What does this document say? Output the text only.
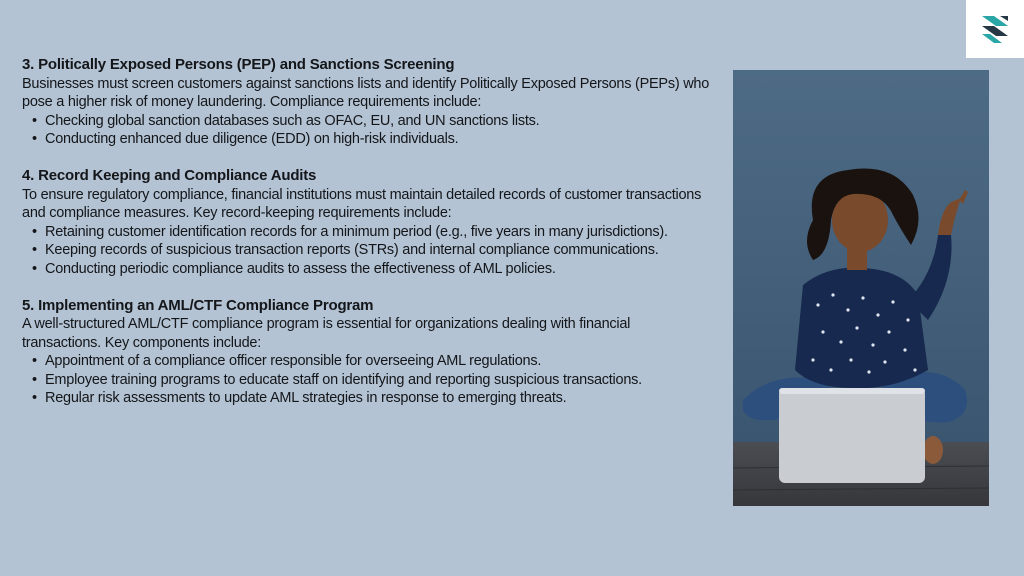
3. Politically Exposed Persons (PEP) and Sanctions Screening

Businesses must screen customers against sanctions lists and identify Politically Exposed Persons (PEPs) who pose a higher risk of money laundering. Compliance requirements include:

• Checking global sanction databases such as OFAC, EU, and UN sanctions lists.
• Conducting enhanced due diligence (EDD) on high-risk individuals.
4. Record Keeping and Compliance Audits

To ensure regulatory compliance, financial institutions must maintain detailed records of customer transactions and compliance measures. Key record-keeping requirements include:

• Retaining customer identification records for a minimum period (e.g., five years in many jurisdictions).
• Keeping records of suspicious transaction reports (STRs) and internal compliance communications.
• Conducting periodic compliance audits to assess the effectiveness of AML policies.
5. Implementing an AML/CTF Compliance Program

A well-structured AML/CTF compliance program is essential for organizations dealing with financial transactions. Key components include:

• Appointment of a compliance officer responsible for overseeing AML regulations.
• Employee training programs to educate staff on identifying and reporting suspicious transactions.
• Regular risk assessments to update AML strategies in response to emerging threats.
